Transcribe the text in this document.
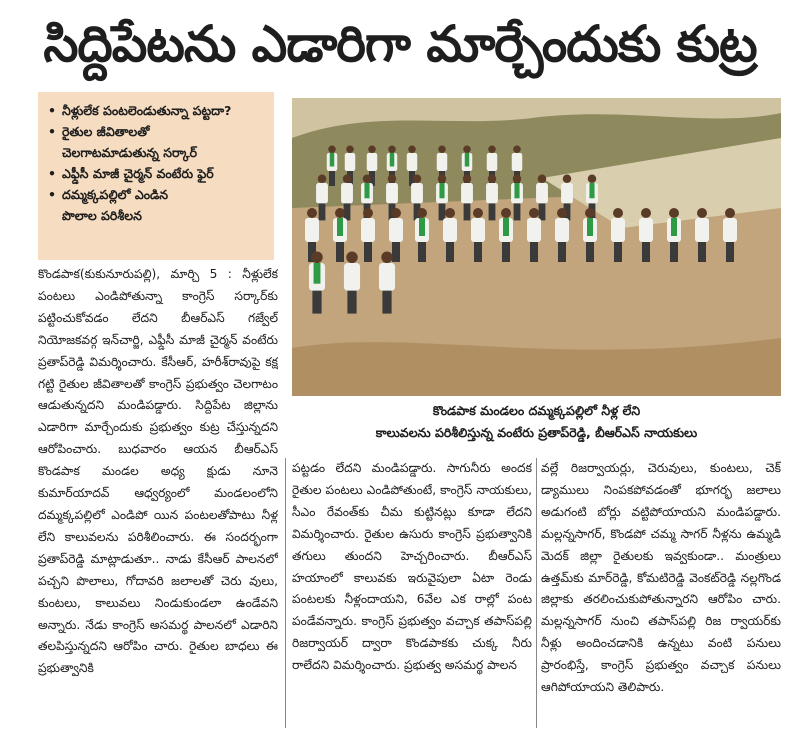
సిద్దిపేటను ఎడారిగా మార్చేందుకు కుట్ర
• నీళ్లులేక పంటలెండుతున్నా పట్టదా?
• రైతుల జీవితాలతో
చెలగాటమాడుతున్న సర్కార్
• ఎఫ్డీసీ మాజీ చైర్మన్ వంటేరు ఫైర్
• దమ్మక్కపల్లిలో ఎండిన
పొలాల పరిశీలన
కొండపాక మండలం దమ్మక్కపల్లిలో నీళ్ల లేని
కాలువలను పరిశీలిస్తున్న వంటేరు ప్రతాప్‌రెడ్డి, బీఆర్ఎస్ నాయకులు
కొండపాక(కుకునూరుపల్లి), మార్చి 5 : నీళ్లులేక పంటలు ఎండిపోతున్నా కాంగ్రెస్ సర్కార్‌కు పట్టించుకోవడం లేదని బీఆర్ఎస్ గజ్వేల్ నియోజకవర్గ ఇన్‌చార్జి, ఎఫ్డీసీ మాజీ చైర్మన్ వంటేరు ప్రతాప్‌రెడ్డి విమర్శించారు. కేసీఆర్, హరీశ్‌రావుపై కక్ష గట్టి రైతుల జీవితాలతో కాంగ్రెస్ ప్రభుత్వం చెలగాటం ఆడుతున్నదని మండిపడ్డారు. సిద్దిపేట జిల్లాను ఎడారిగా మార్చేందుకు ప్రభుత్వం కుట్ర చేస్తున్నదని ఆరోపించారు. బుధవారం ఆయన బీఆర్ఎస్ కొండపాక మండల అధ్య క్షుడు నూనె కుమార్‌యాదవ్ ఆధ్వర్యంలో మండలంలోని దమ్మక్కపల్లిలో ఎండిపో యిన పంటలతోపాటు నీళ్ల లేని కాలువలను పరిశీలించారు. ఈ సందర్భంగా ప్రతాప్‌రెడ్డి మాట్లాడుతూ.. నాడు కేసీఆర్ పాలనలో పచ్చని పొలాలు, గోదావరి జలాలతో చెరు వులు, కుంటలు, కాలువలు నిండుకుండలా ఉండేవని అన్నారు. నేడు కాంగ్రెస్ అసమర్థ పాలనలో ఎడారిని తలపిస్తున్నదని ఆరోపిం చారు. రైతుల బాధలు ఈ ప్రభుత్వానికి
పట్టడం లేదని మండిపడ్డారు. సాగునీరు అందక రైతుల పంటలు ఎండిపోతుంటే, కాంగ్రెస్ నాయకులు, సీఎం రేవంత్‌కు చీమ కుట్టినట్లు కూడా లేదని విమర్శించారు. రైతుల ఉసురు కాంగ్రెస్ ప్రభుత్వానికి తగులు తుందని హెచ్చరించారు. బీఆర్ఎస్ హయాంలో కాలువకు ఇరువైపులా ఏటా రెండు పంటలకు నీళ్లందాయని, 6వేల ఎక రాల్లో పంట పండేవన్నారు. కాంగ్రెస్ ప్రభుత్వం వచ్చాక తపాస్‌పల్లి రిజర్వాయర్ ద్వారా కొండపాకకు చుక్క నీరు రాలేదని విమర్శించారు. ప్రభుత్వ అసమర్థ పాలన
వల్లే రిజర్వాయర్లు, చెరువులు, కుంటలు, చెక్ డ్యాములు నింపకపోవడంతో భూగర్భ జలాలు అడుగంటి బోర్లు వట్టిపోయాయని మండిపడ్డారు. మల్లన్నసాగర్, కొండపో చమ్మ సాగర్ నీళ్లను ఉమ్మడి మెదక్ జిల్లా రైతులకు ఇవ్వకుండా.. మంత్రులు ఉత్తమ్‌కు మార్‌రెడ్డి, కోమటిరెడ్డి వెంకట్‌రెడ్డి నల్లగొండ జిల్లాకు తరలించుకుపోతున్నారని ఆరోపిం చారు. మల్లన్నసాగర్ నుంచి తపాస్‌పల్లి రిజ ర్వాయర్‌కు నీళ్లు అందించడానికి ఉన్నటు వంటి పనులు ప్రారంభిస్తే, కాంగ్రెస్ ప్రభుత్వం వచ్చాక పనులు ఆగిపోయాయని తెలిపారు.
